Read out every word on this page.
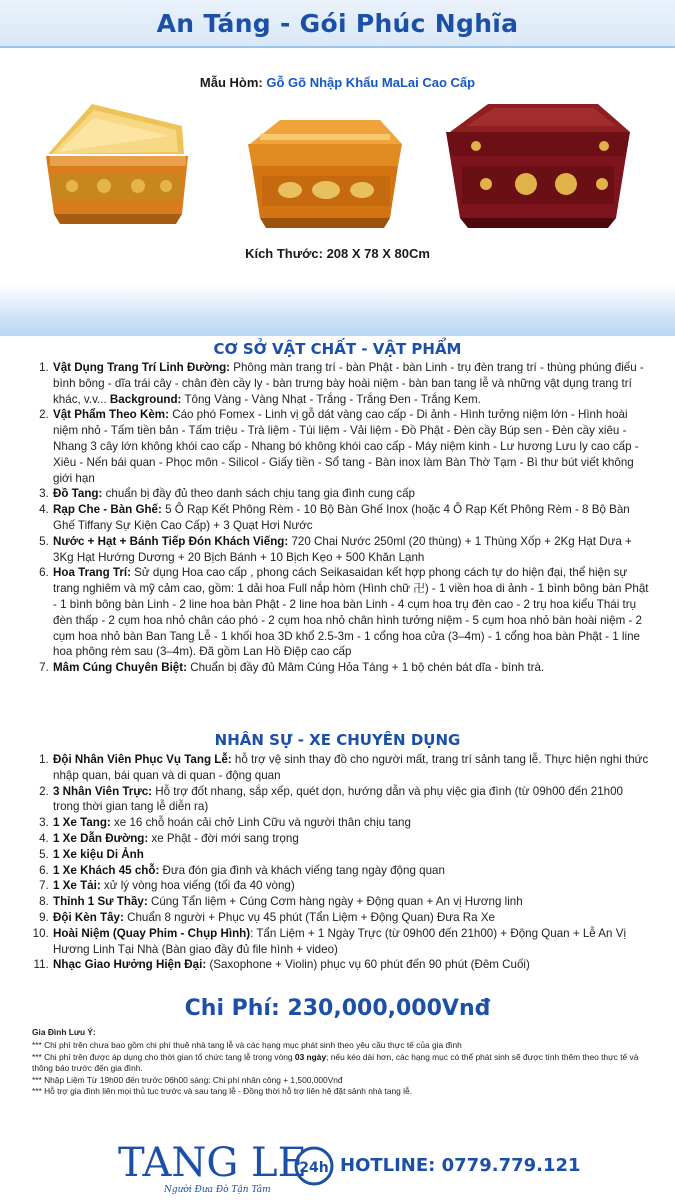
An Táng - Gói Phúc Nghĩa
Mẫu Hòm: Gỗ Gõ Nhập Khẩu MaLai Cao Cấp
Kích Thước: 208 X 78 X 80Cm
CƠ SỞ VẬT CHẤT - VẬT PHẨM
1. Vật Dụng Trang Trí Linh Đường: Phông màn trang trí - bàn Phật - bàn Linh - trụ đèn trang trí - thùng phúng điếu - bình bông - dĩa trái cây - chân đèn cầy ly - bàn trưng bày hoài niệm - bàn ban tang lễ và những vật dụng trang trí khác, v.v... Background: Tông Vàng - Vàng Nhạt - Trắng - Trắng Đen - Trắng Kem.
2. Vật Phẩm Theo Kèm: Cáo phó Fomex - Linh vị gỗ dát vàng cao cấp - Di ảnh - Hình tưởng niệm lớn - Hình hoài niệm nhỏ - Tấm tiền bản - Tấm triệu - Trà liệm - Túi liệm - Vải liệm - Đồ Phật - Đèn cầy Búp sen - Đèn cầy xiêu - Nhang 3 cây lớn không khói cao cấp - Nhang bó không khói cao cấp - Máy niệm kinh - Lư hương Lưu ly cao cấp - Xiêu - Nến bái quan - Phọc môn - Silicol - Giấy tiền - Sổ tang - Bàn inox làm Bàn Thờ Tạm - Bì thư bút viết không giới hạn
3. Đồ Tang: chuẩn bị đầy đủ theo danh sách chịu tang gia đình cung cấp
4. Rạp Che - Bàn Ghế: 5 Ô Rạp Kết Phông Rèm - 10 Bộ Bàn Ghế Inox (hoặc 4 Ô Rạp Kết Phông Rèm - 8 Bộ Bàn Ghế Tiffany Sự Kiện Cao Cấp) + 3 Quạt Hơi Nước
5. Nước + Hạt + Bánh Tiếp Đón Khách Viếng: 720 Chai Nước 250ml (20 thùng) + 1 Thùng Xốp + 2Kg Hạt Dưa + 3Kg Hạt Hướng Dương + 20 Bịch Bánh + 10 Bịch Kẹo + 500 Khăn Lạnh
6. Hoa Trang Trí: Sử dụng Hoa cao cấp , phong cách Seikasaidan kết hợp phong cách tự do hiện đại, thể hiện sự trang nghiêm và mỹ cảm cao, gồm: 1 dải hoa Full nắp hòm (Hình chữ 卍) - 1 viền hoa di ảnh - 1 bình bông bàn Phật - 1 bình bông bàn Linh - 2 line hoa bàn Phật - 2 line hoa bàn Linh - 4 cụm hoa trụ đèn cao - 2 trụ hoa kiểu Thái trụ đèn thấp - 2 cụm hoa nhỏ chân cáo phó - 2 cụm hoa nhỏ chân hình tưởng niệm - 5 cụm hoa nhỏ bàn hoài niệm - 2 cụm hoa nhỏ bàn Ban Tang Lễ - 1 khối hoa 3D khổ 2.5-3m - 1 cổng hoa cửa (3–4m) - 1 cổng hoa bàn Phật - 1 line hoa phông rèm sau (3–4m). Đã gồm Lan Hồ Điệp cao cấp
7. Mâm Cúng Chuyên Biệt: Chuẩn bị đầy đủ Mâm Cúng Hỏa Táng + 1 bộ chén bát dĩa - bình trà.
NHÂN SỰ - XE CHUYÊN DỤNG
1. Đội Nhân Viên Phục Vụ Tang Lễ: hỗ trợ vệ sinh thay đồ cho người mất, trang trí sảnh tang lễ. Thực hiện nghi thức nhập quan, bái quan và di quan - động quan
2. 3 Nhân Viên Trực: Hỗ trợ đốt nhang, sắp xếp, quét dọn, hướng dẫn và phụ việc gia đình (từ 09h00 đến 21h00 trong thời gian tang lễ diễn ra)
3. 1 Xe Tang: xe 16 chỗ hoán cải chở Linh Cữu và người thân chịu tang
4. 1 Xe Dẫn Đường: xe Phật - đời mới sang trọng
5. 1 Xe kiệu Di Ảnh
6. 1 Xe Khách 45 chỗ: Đưa đón gia đình và khách viếng tang ngày động quan
7. 1 Xe Tải: xử lý vòng hoa viếng (tối đa 40 vòng)
8. Thỉnh 1 Sư Thầy: Cúng Tẩn liệm + Cúng Cơm hàng ngày + Động quan + An vị Hương linh
9. Đội Kèn Tây: Chuẩn 8 người + Phục vụ 45 phút (Tẩn Liệm + Động Quan) Đưa Ra Xe
10. Hoài Niệm (Quay Phim - Chụp Hình): Tẩn Liệm + 1 Ngày Trực (từ 09h00 đến 21h00) + Động Quan + Lễ An Vị Hương Linh Tại Nhà (Bàn giao đầy đủ file hình + video)
11. Nhạc Giao Hưởng Hiện Đại: (Saxophone + Violin) phục vụ 60 phút đến 90 phút (Đêm Cuối)
Chi Phí: 230,000,000Vnđ
Gia Đình Lưu Ý:
*** Chi phí trên chưa bao gồm chi phí thuê nhà tang lễ và các hạng mục phát sinh theo yêu cầu thực tế của gia đình
*** Chi phí trên được áp dụng cho thời gian tổ chức tang lễ trong vòng 03 ngày; nếu kéo dài hơn, các hạng mục có thể phát sinh sẽ được tính thêm theo thực tế và thông báo trước đến gia đình.
*** Nhập Liệm Từ 19h00 đến trước 06h00 sáng: Chi phí nhân công + 1,500,000Vnđ
*** Hỗ trợ gia đình liên mọi thủ tục trước và sau tang lễ - Đồng thời hỗ trợ liên hệ đặt sảnh nhà tang lễ.
TANG LE
24h
Người Đưa Đò Tận Tâm
HOTLINE: 0779.779.121
